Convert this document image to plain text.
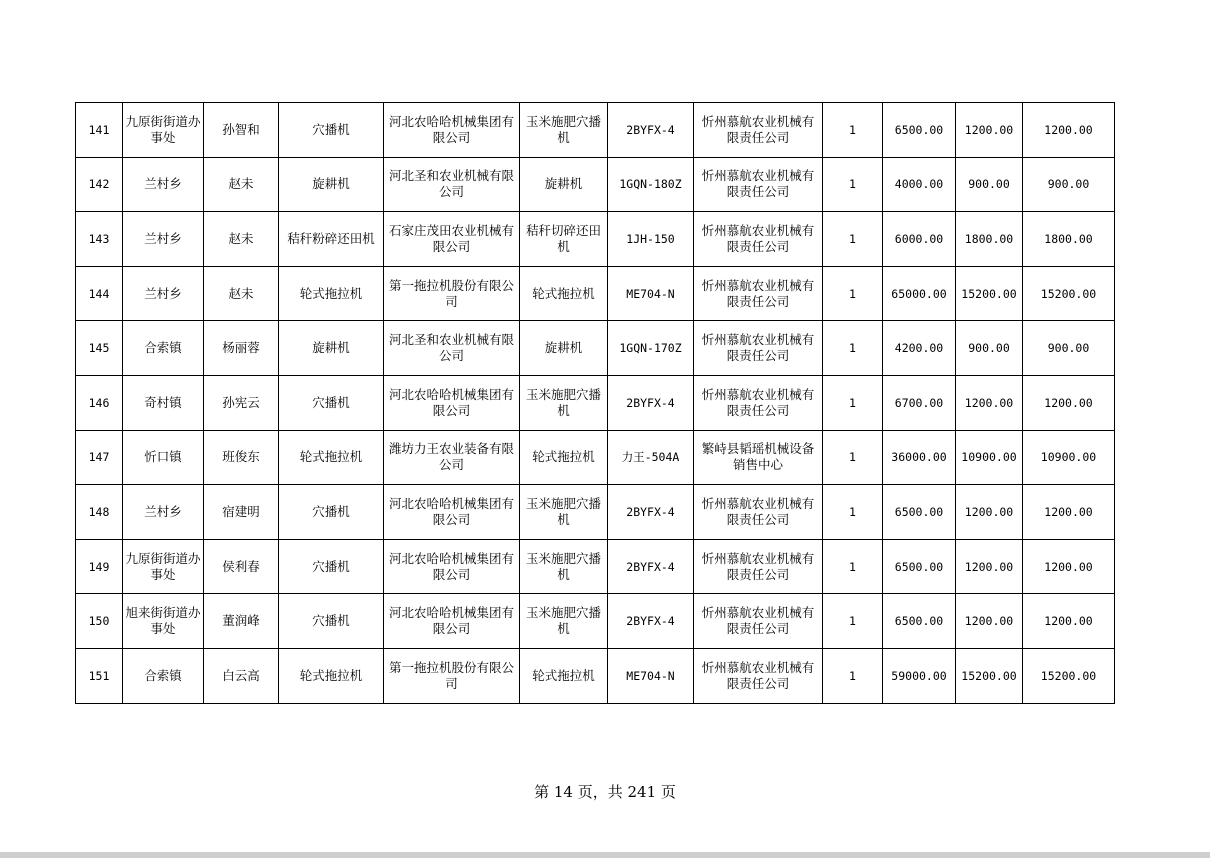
141	九原街街道办事处	孙智和	穴播机	河北农哈哈机械集团有限公司	玉米施肥穴播机	2BYFX-4	忻州慕航农业机械有限责任公司	1	6500.00	1200.00	1200.00
142	兰村乡	赵未	旋耕机	河北圣和农业机械有限公司	旋耕机	1GQN-180Z	忻州慕航农业机械有限责任公司	1	4000.00	900.00	900.00
143	兰村乡	赵未	秸秆粉碎还田机	石家庄茂田农业机械有限公司	秸秆切碎还田机	1JH-150	忻州慕航农业机械有限责任公司	1	6000.00	1800.00	1800.00
144	兰村乡	赵未	轮式拖拉机	第一拖拉机股份有限公司	轮式拖拉机	ME704-N	忻州慕航农业机械有限责任公司	1	65000.00	15200.00	15200.00
145	合索镇	杨丽蓉	旋耕机	河北圣和农业机械有限公司	旋耕机	1GQN-170Z	忻州慕航农业机械有限责任公司	1	4200.00	900.00	900.00
146	奇村镇	孙宪云	穴播机	河北农哈哈机械集团有限公司	玉米施肥穴播机	2BYFX-4	忻州慕航农业机械有限责任公司	1	6700.00	1200.00	1200.00
147	忻口镇	班俊东	轮式拖拉机	潍坊力王农业装备有限公司	轮式拖拉机	力王-504A	繁峙县韬瑶机械设备销售中心	1	36000.00	10900.00	10900.00
148	兰村乡	宿建明	穴播机	河北农哈哈机械集团有限公司	玉米施肥穴播机	2BYFX-4	忻州慕航农业机械有限责任公司	1	6500.00	1200.00	1200.00
149	九原街街道办事处	侯利春	穴播机	河北农哈哈机械集团有限公司	玉米施肥穴播机	2BYFX-4	忻州慕航农业机械有限责任公司	1	6500.00	1200.00	1200.00
150	旭来街街道办事处	董润峰	穴播机	河北农哈哈机械集团有限公司	玉米施肥穴播机	2BYFX-4	忻州慕航农业机械有限责任公司	1	6500.00	1200.00	1200.00
151	合索镇	白云高	轮式拖拉机	第一拖拉机股份有限公司	轮式拖拉机	ME704-N	忻州慕航农业机械有限责任公司	1	59000.00	15200.00	15200.00
第 14 页，共 241 页
